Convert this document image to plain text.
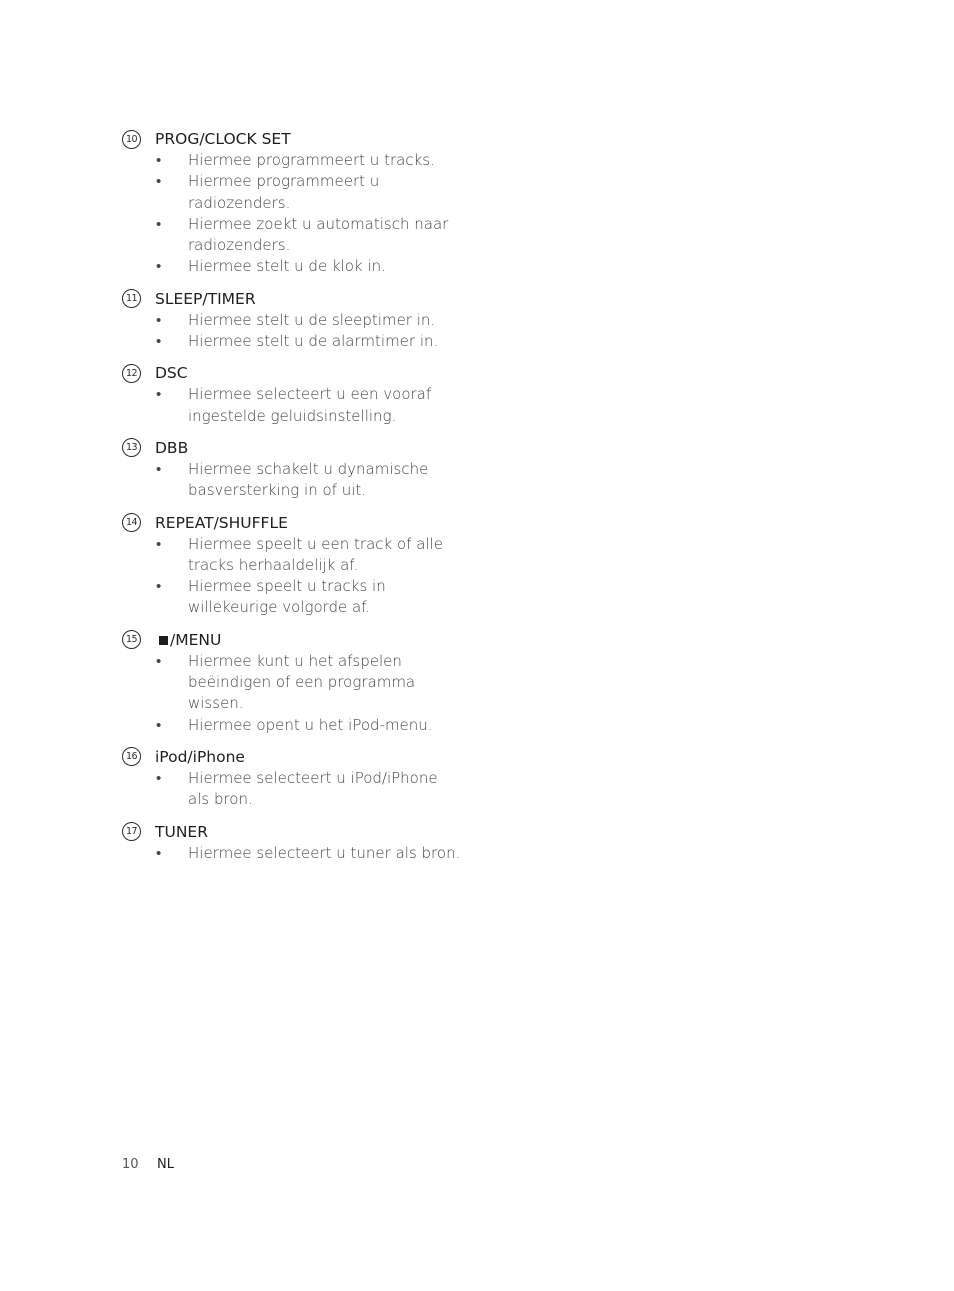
10 PROG/CLOCK SET
• Hiermee programmeert u tracks.
• Hiermee programmeert u
radiozenders.
• Hiermee zoekt u automatisch naar
radiozenders.
• Hiermee stelt u de klok in.
11 SLEEP/TIMER
• Hiermee stelt u de sleeptimer in.
• Hiermee stelt u de alarmtimer in.
12 DSC
• Hiermee selecteert u een vooraf
ingestelde geluidsinstelling.
13 DBB
• Hiermee schakelt u dynamische
basversterking in of uit.
14 REPEAT/SHUFFLE
• Hiermee speelt u een track of alle
tracks herhaaldelijk af.
• Hiermee speelt u tracks in
willekeurige volgorde af.
15	/MENU
• Hiermee kunt u het afspelen
beëindigen of een programma
wissen.
• Hiermee opent u het iPod-menu.
16 iPod/iPhone
• Hiermee selecteert u iPod/iPhone
als bron.
17 TUNER
• Hiermee selecteert u tuner als bron.
10	NL
